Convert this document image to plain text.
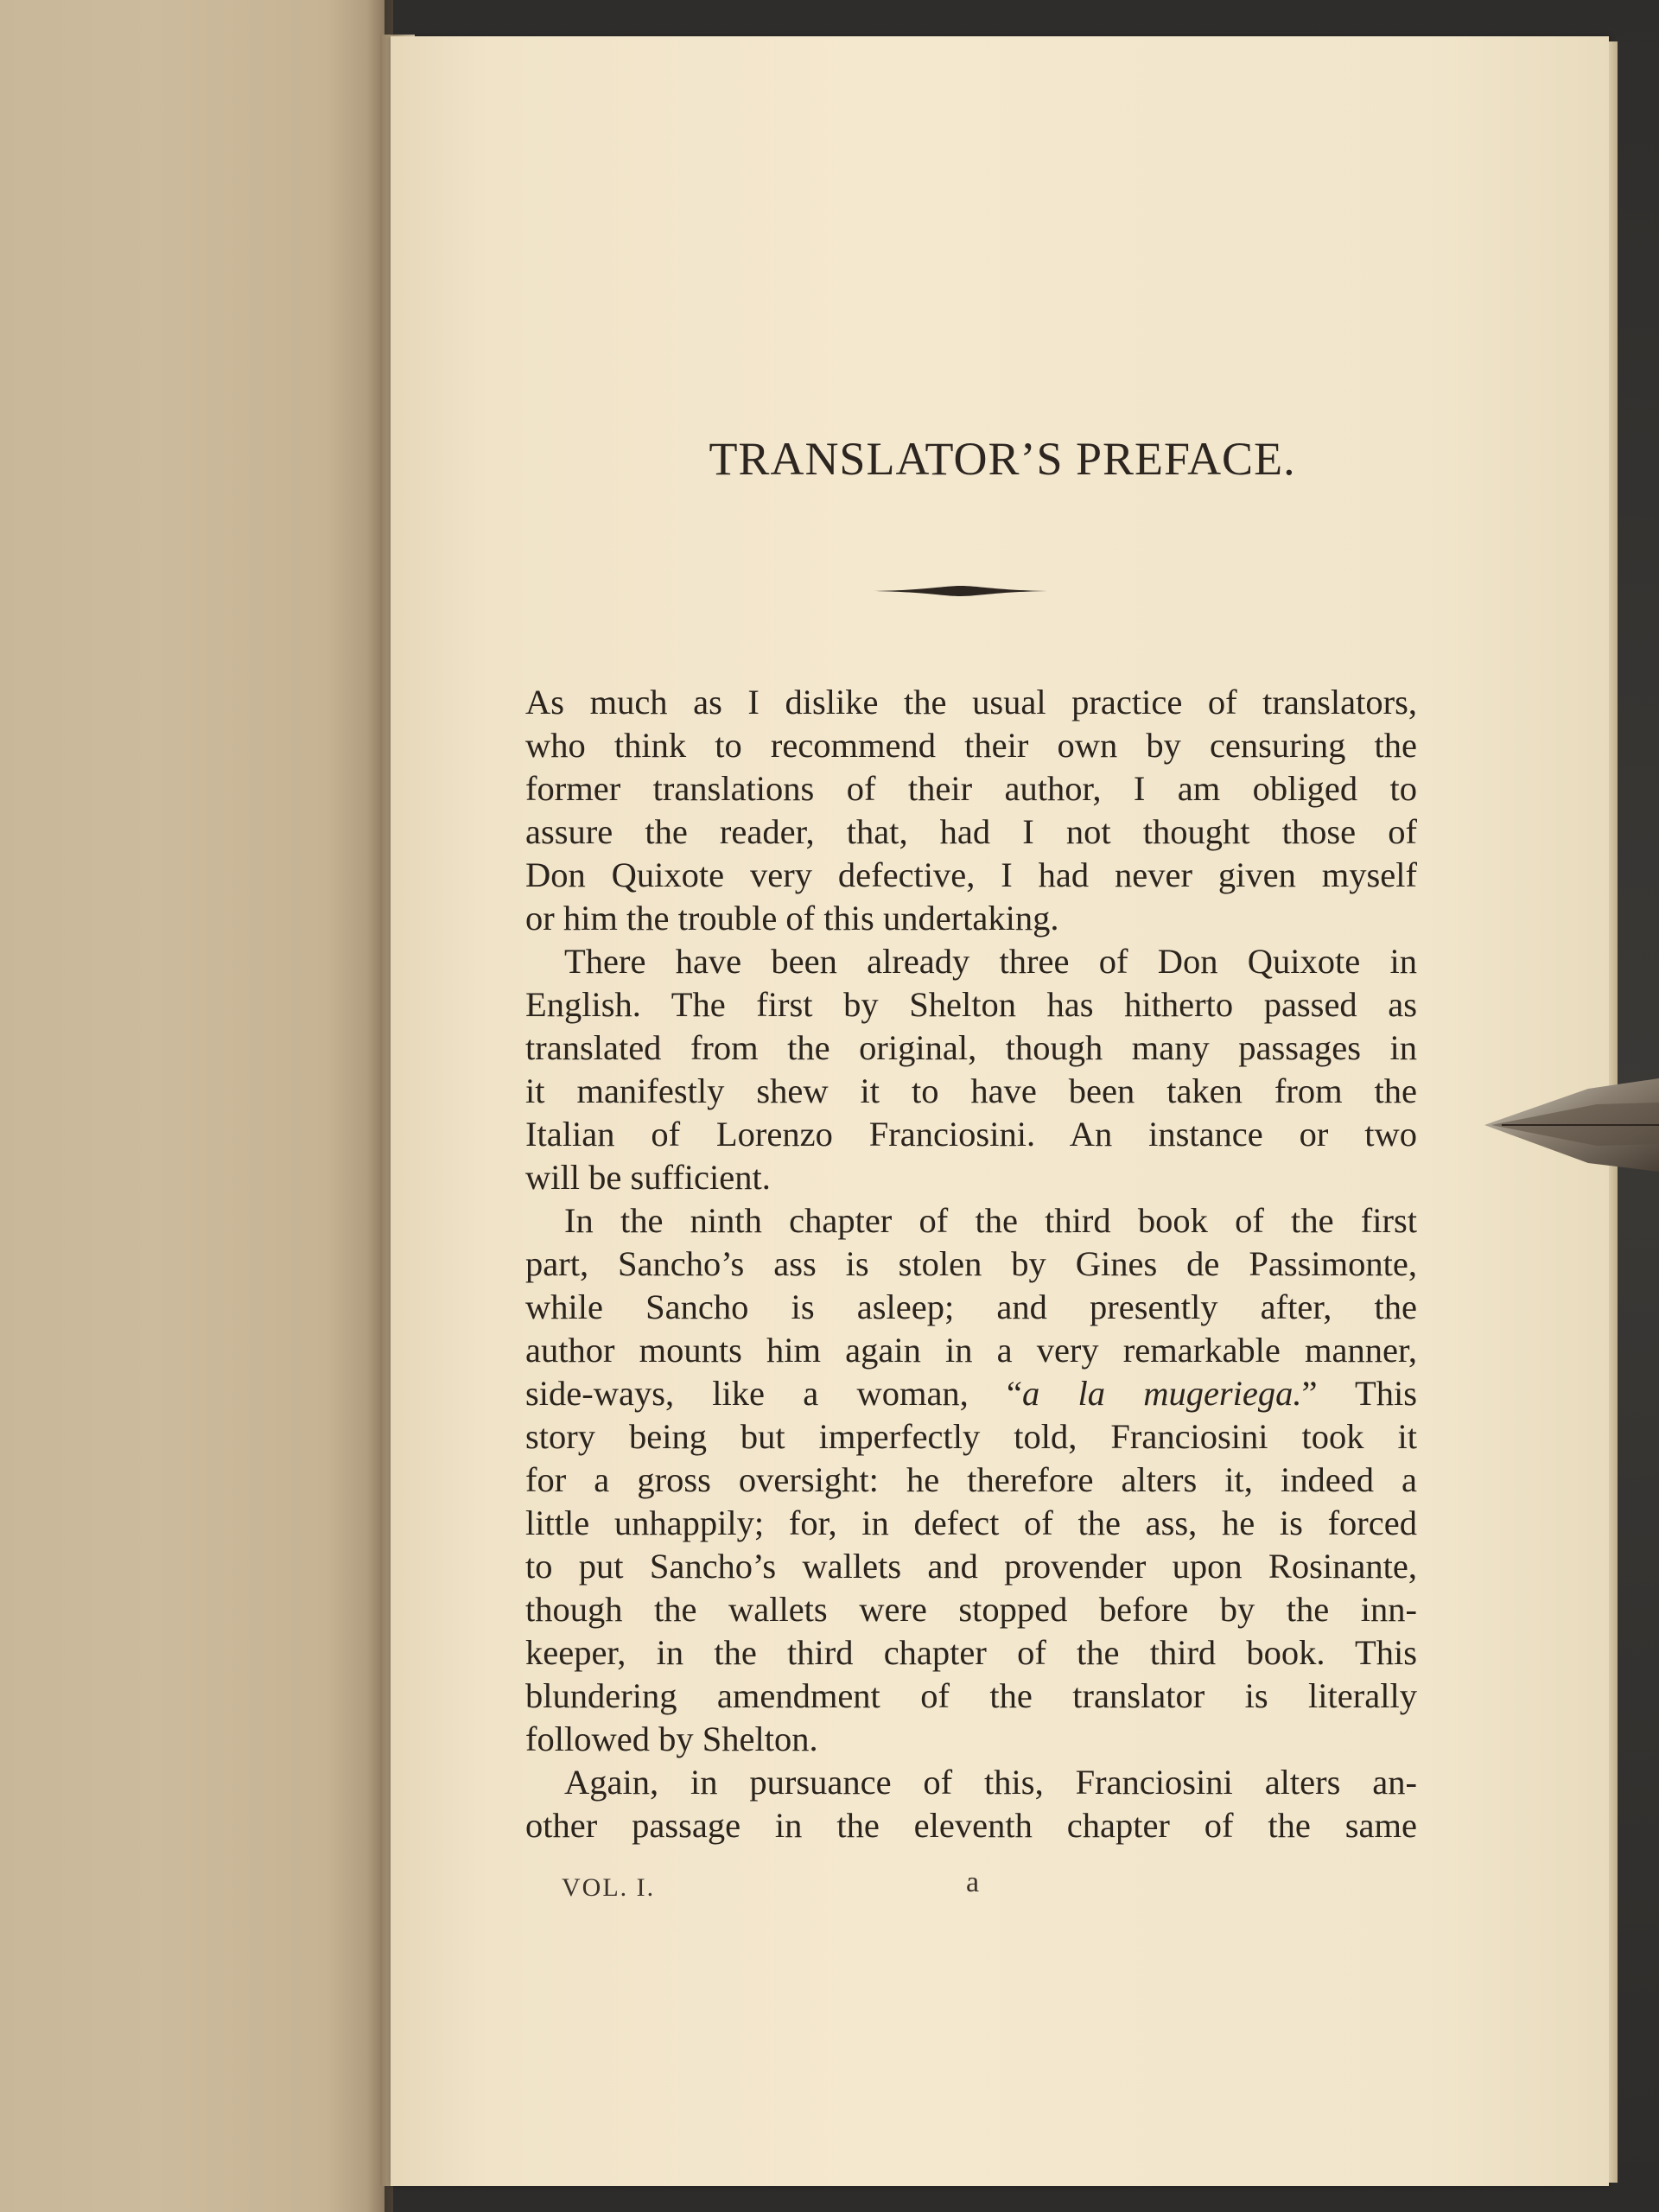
TRANSLATOR’S PREFACE.
As much as I dislike the usual practice of translators,
who think to recommend their own by censuring the
former translations of their author, I am obliged to
assure the reader, that, had I not thought those of
Don Quixote very defective, I had never given myself
or him the trouble of this undertaking.
There have been already three of Don Quixote in
English. The first by Shelton has hitherto passed as
translated from the original, though many passages in
it manifestly shew it to have been taken from the
Italian of Lorenzo Franciosini. An instance or two
will be sufficient.
In the ninth chapter of the third book of the first
part, Sancho’s ass is stolen by Gines de Passimonte,
while Sancho is asleep; and presently after, the
author mounts him again in a very remarkable manner,
side-ways, like a woman, “a la mugeriega.” This
story being but imperfectly told, Franciosini took it
for a gross oversight: he therefore alters it, indeed a
little unhappily; for, in defect of the ass, he is forced
to put Sancho’s wallets and provender upon Rosinante,
though the wallets were stopped before by the inn-
keeper, in the third chapter of the third book. This
blundering amendment of the translator is literally
followed by Shelton.
Again, in pursuance of this, Franciosini alters an-
other passage in the eleventh chapter of the same
VOL. I.	a
